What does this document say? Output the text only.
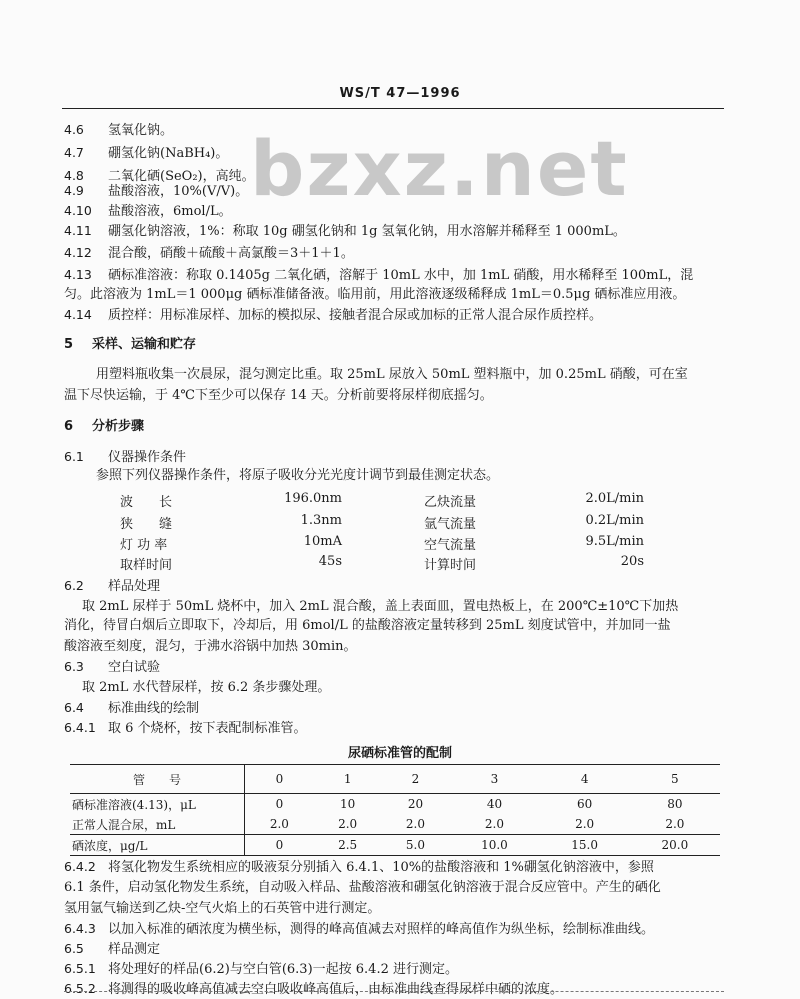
WS/T 47—1996
bzxz.net
4.6 氢氧化钠。
4.7 硼氢化钠(NaBH₄)。
4.8 二氧化硒(SeO₂)，高纯。
4.9 盐酸溶液，10%(V/V)。
4.10 盐酸溶液，6mol/L。
4.11 硼氢化钠溶液，1%：称取 10g 硼氢化钠和 1g 氢氧化钠，用水溶解并稀释至 1 000mL。
4.12 混合酸，硝酸＋硫酸＋高氯酸＝3＋1＋1。
4.13 硒标准溶液：称取 0.1405g 二氧化硒，溶解于 10mL 水中，加 1mL 硝酸，用水稀释至 100mL，混
匀。此溶液为 1mL＝1 000μg 硒标准储备液。临用前，用此溶液逐级稀释成 1mL＝0.5μg 硒标准应用液。
4.14 质控样：用标准尿样、加标的模拟尿、接触者混合尿或加标的正常人混合尿作质控样。
5 采样、运输和贮存
用塑料瓶收集一次晨尿，混匀测定比重。取 25mL 尿放入 50mL 塑料瓶中，加 0.25mL 硝酸，可在室
温下尽快运输，于 4℃下至少可以保存 14 天。分析前要将尿样彻底摇匀。
6 分析步骤
6.1 仪器操作条件
参照下列仪器操作条件，将原子吸收分光光度计调节到最佳测定状态。
波　　长	196.0nm	乙炔流量	2.0L/min
狭　　缝	1.3nm	氩气流量	0.2L/min
灯 功 率	10mA	空气流量	9.5L/min
取样时间	45s	计算时间	20s
6.2 样品处理
取 2mL 尿样于 50mL 烧杯中，加入 2mL 混合酸，盖上表面皿，置电热板上，在 200℃±10℃下加热
消化，待冒白烟后立即取下，冷却后，用 6mol/L 的盐酸溶液定量转移到 25mL 刻度试管中，并加同一盐
酸溶液至刻度，混匀，于沸水浴锅中加热 30min。
6.3 空白试验
取 2mL 水代替尿样，按 6.2 条步骤处理。
6.4 标准曲线的绘制
6.4.1 取 6 个烧杯，按下表配制标准管。
尿硒标准管的配制
管　　号	0	1	2	3	4	5
硒标准溶液(4.13)，μL	0	10	20	40	60	80
正常人混合尿，mL	2.0	2.0	2.0	2.0	2.0	2.0
硒浓度，μg/L	0	2.5	5.0	10.0	15.0	20.0
6.4.2 将氢化物发生系统相应的吸液泵分别插入 6.4.1、10%的盐酸溶液和 1%硼氢化钠溶液中，参照
6.1 条件，启动氢化物发生系统，自动吸入样品、盐酸溶液和硼氢化钠溶液于混合反应管中。产生的硒化
氢用氩气输送到乙炔-空气火焰上的石英管中进行测定。
6.4.3 以加入标准的硒浓度为横坐标，测得的峰高值减去对照样的峰高值作为纵坐标，绘制标准曲线。
6.5 样品测定
6.5.1 将处理好的样品(6.2)与空白管(6.3)一起按 6.4.2 进行测定。
6.5.2 将测得的吸收峰高值减去空白吸收峰高值后，由标准曲线查得尿样中硒的浓度。
